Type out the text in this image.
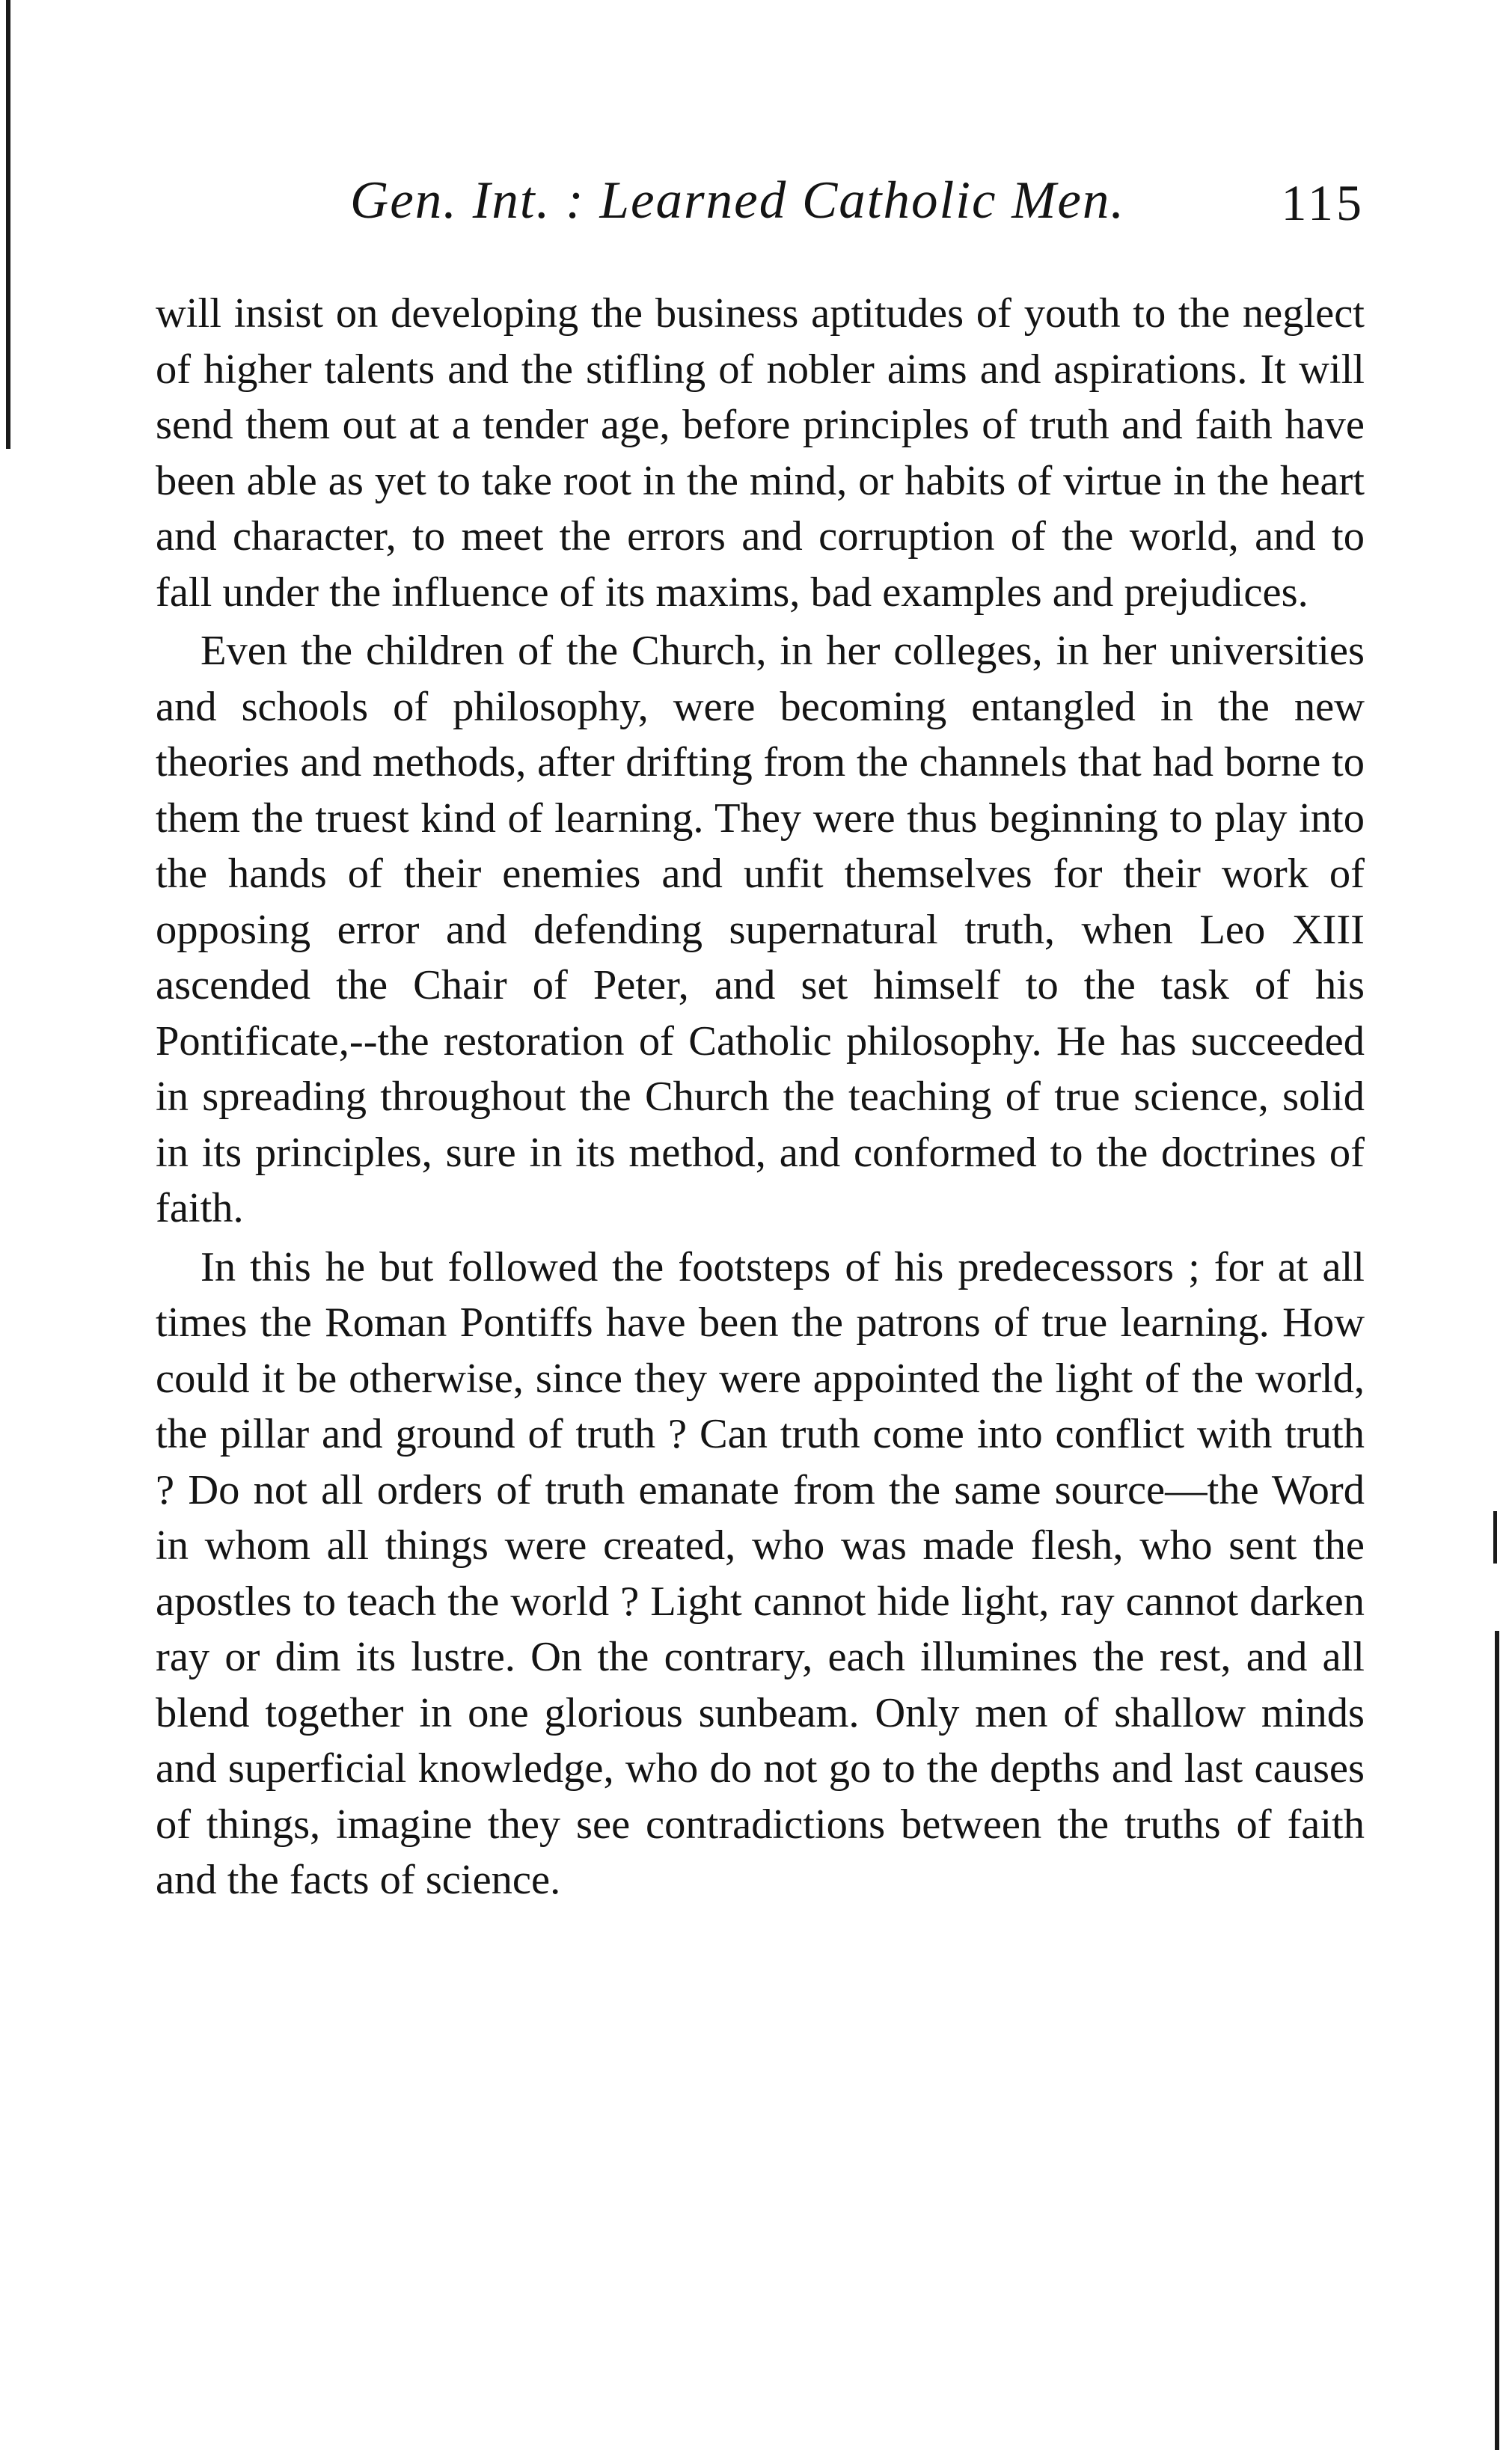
Gen. Int. : Learned Catholic Men.	115

will insist on developing the business aptitudes of youth to the neglect of higher talents and the stifling of nobler aims and aspirations. It will send them out at a tender age, before principles of truth and faith have been able as yet to take root in the mind, or habits of virtue in the heart and character, to meet the errors and corruption of the world, and to fall under the influence of its maxims, bad examples and prejudices.

Even the children of the Church, in her colleges, in her universities and schools of philosophy, were becoming entangled in the new theories and methods, after drifting from the channels that had borne to them the truest kind of learning. They were thus beginning to play into the hands of their enemies and unfit themselves for their work of opposing error and defending supernatural truth, when Leo XIII ascended the Chair of Peter, and set himself to the task of his Pontificate,--the restoration of Catholic philosophy. He has succeeded in spreading throughout the Church the teaching of true science, solid in its principles, sure in its method, and conformed to the doctrines of faith.

In this he but followed the footsteps of his predecessors ; for at all times the Roman Pontiffs have been the patrons of true learning. How could it be otherwise, since they were appointed the light of the world, the pillar and ground of truth ? Can truth come into conflict with truth ? Do not all orders of truth emanate from the same source—the Word in whom all things were created, who was made flesh, who sent the apostles to teach the world ? Light cannot hide light, ray cannot darken ray or dim its lustre. On the contrary, each illumines the rest, and all blend together in one glorious sunbeam. Only men of shallow minds and superficial knowledge, who do not go to the depths and last causes of things, imagine they see contradictions between the truths of faith and the facts of science.
